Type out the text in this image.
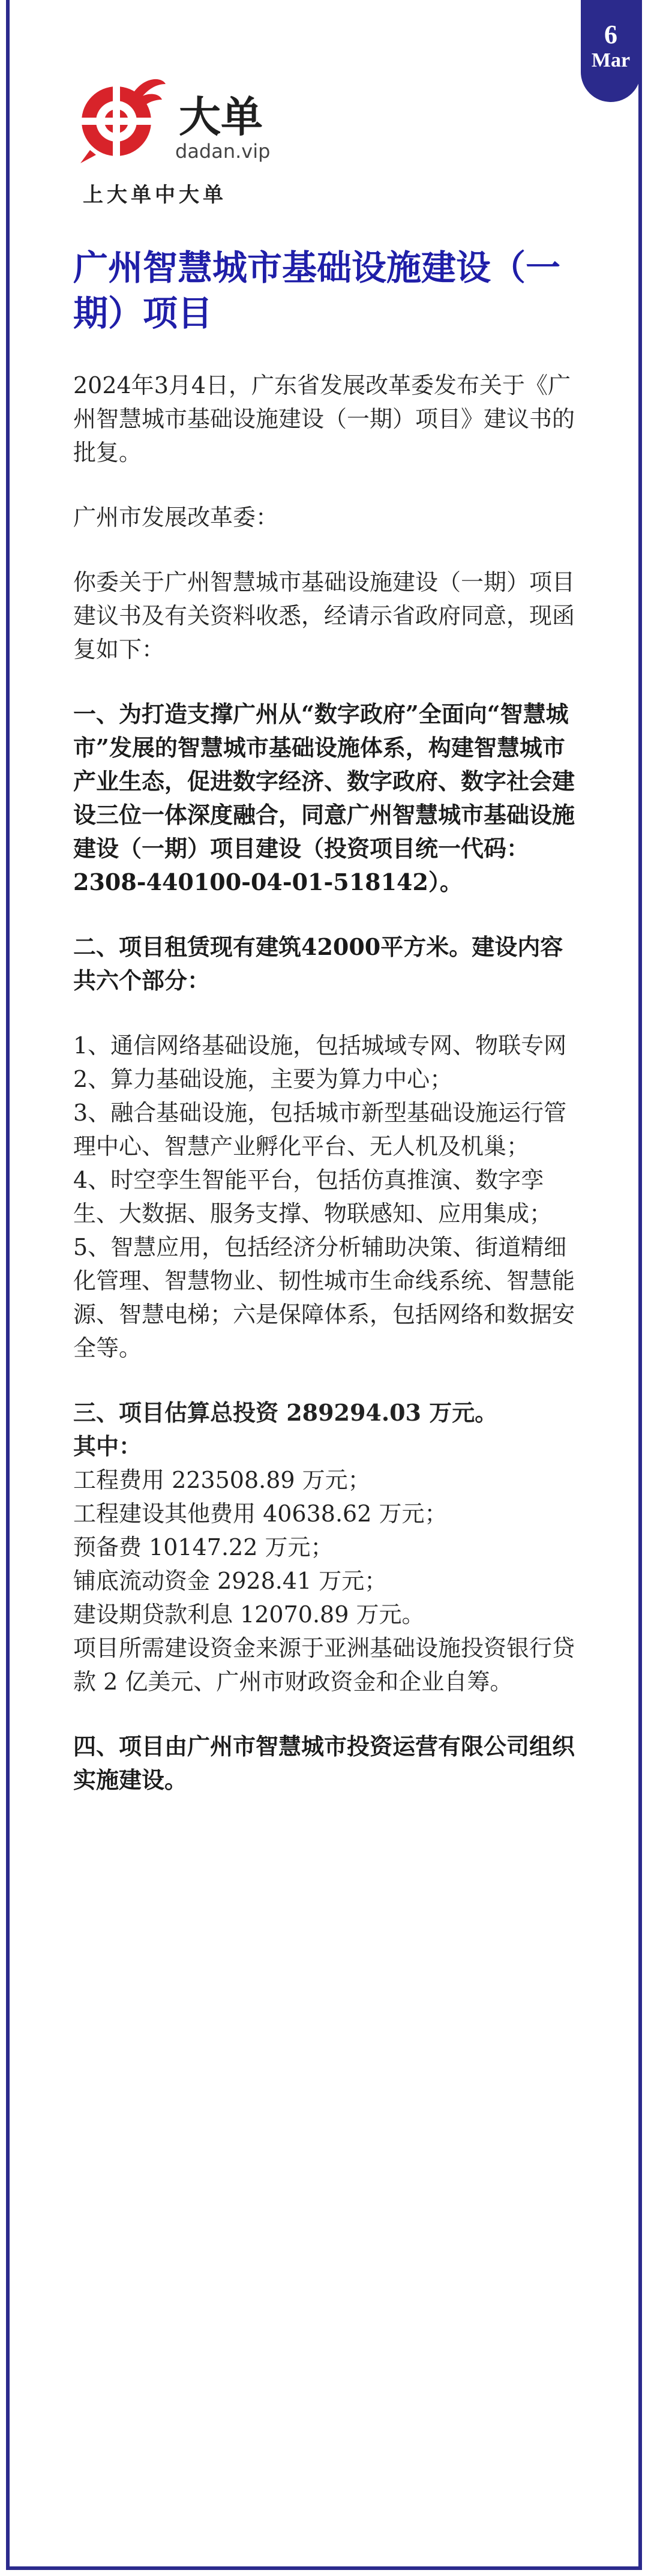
6
Mar
大单
dadan.vip
上大单中大单
广州智慧城市基础设施建设（一期）项目

2024年3月4日，广东省发展改革委发布关于《广州智慧城市基础设施建设（一期）项目》建议书的批复。

广州市发展改革委：

你委关于广州智慧城市基础设施建设（一期）项目建议书及有关资料收悉，经请示省政府同意，现函复如下：

一、为打造支撑广州从“数字政府”全面向“智慧城市”发展的智慧城市基础设施体系，构建智慧城市产业生态，促进数字经济、数字政府、数字社会建设三位一体深度融合，同意广州智慧城市基础设施建设（一期）项目建设（投资项目统一代码：2308-440100-04-01-518142）。

二、项目租赁现有建筑42000平方米。建设内容共六个部分：

1、通信网络基础设施，包括城域专网、物联专网
2、算力基础设施，主要为算力中心；
3、融合基础设施，包括城市新型基础设施运行管理中心、智慧产业孵化平台、无人机及机巢；
4、时空孪生智能平台，包括仿真推演、数字孪生、大数据、服务支撑、物联感知、应用集成；
5、智慧应用，包括经济分析辅助决策、街道精细化管理、智慧物业、韧性城市生命线系统、智慧能源、智慧电梯；六是保障体系，包括网络和数据安全等。
三、项目估算总投资 289294.03 万元。
其中：
工程费用 223508.89 万元；
工程建设其他费用 40638.62 万元；
预备费 10147.22 万元；
铺底流动资金 2928.41 万元；
建设期贷款利息 12070.89 万元。
项目所需建设资金来源于亚洲基础设施投资银行贷款 2 亿美元、广州市财政资金和企业自筹。

四、项目由广州市智慧城市投资运营有限公司组织实施建设。
